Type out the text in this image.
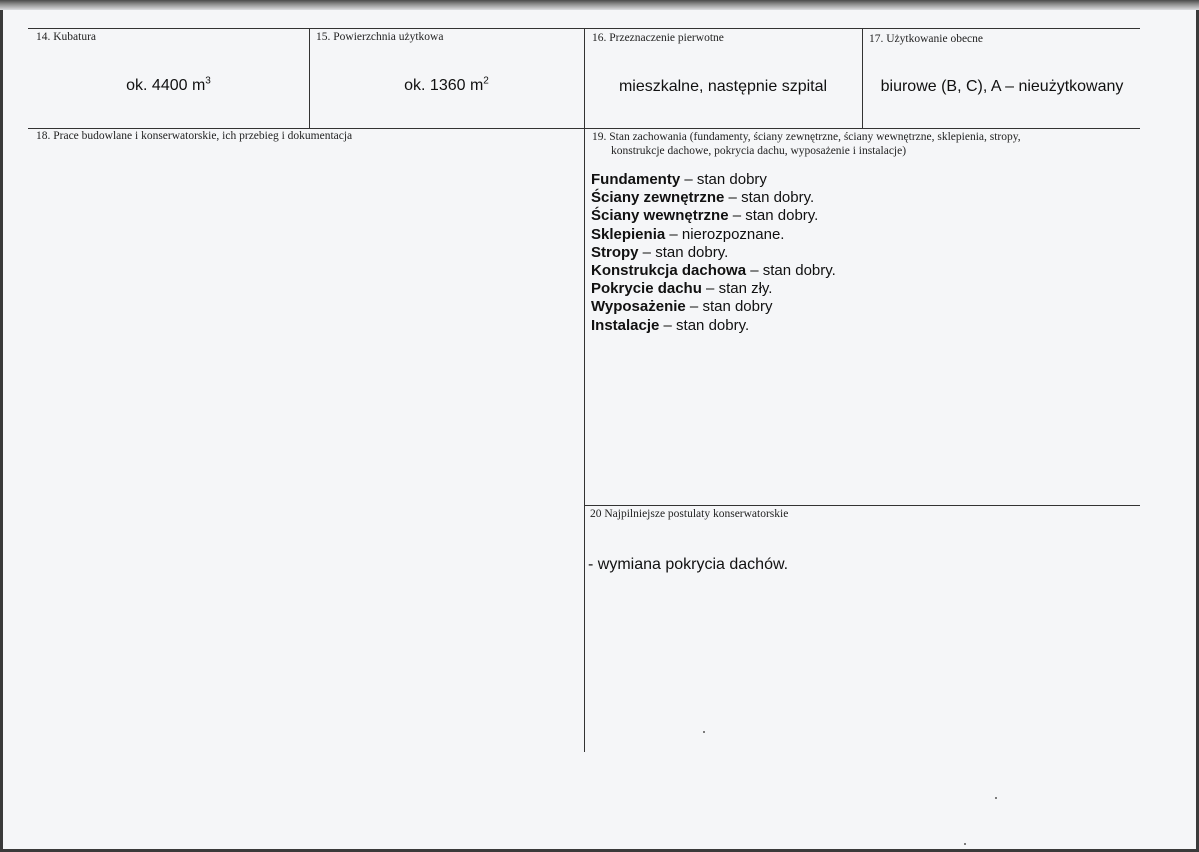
14. Kubatura	15. Powierzchnia użytkowa	16. Przeznaczenie pierwotne	17. Użytkowanie obecne
ok. 4400 $m^3$	ok. 1360 $m^2$	mieszkalne, następnie szpital	biurowe (B, C), A – nieużytkowany
18. Prace budowlane i konserwatorskie, ich przebieg i dokumentacja	19. Stan zachowania (fundamenty, ściany zewnętrzne, ściany wewnętrzne, sklepienia, stropy,
konstrukcje dachowe, pokrycia dachu, wyposażenie i instalacje)
Fundamenty – stan dobry
Ściany zewnętrzne – stan dobry.
Ściany wewnętrzne – stan dobry.
Sklepienia – nierozpoznane.
Stropy – stan dobry.
Konstrukcja dachowa – stan dobry.
Pokrycie dachu – stan zły.
Wyposażenie – stan dobry
Instalacje – stan dobry.
20 Najpilniejsze postulaty konserwatorskie
- wymiana pokrycia dachów.
